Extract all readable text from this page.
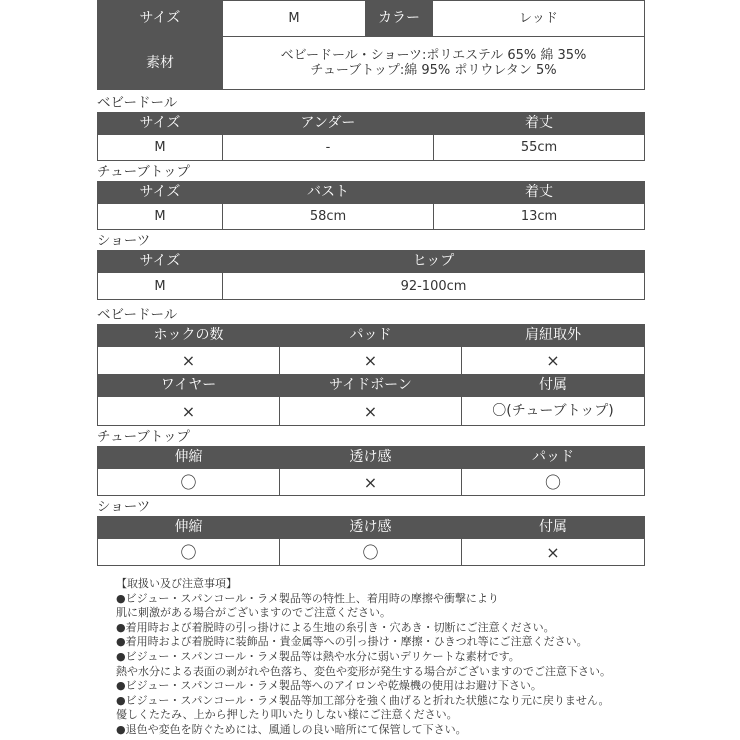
サイズ	M	カラー	レッド
素材	ベビードール・ショーツ:ポリエステル 65% 綿 35%
チューブトップ:綿 95% ポリウレタン 5%		
ベビードール
サイズ	アンダー	着丈
M	-	55cm
チューブトップ
サイズ	バスト	着丈
M	58cm	13cm
ショーツ
サイズ	ヒップ
M	92-100cm
ベビードール
ホックの数	パッド	肩紐取外
×	×	×
ワイヤー	サイドボーン	付属
×	×	〇(チューブトップ)
チューブトップ
伸縮	透け感	パッド
〇	×	〇
ショーツ
伸縮	透け感	付属
〇	〇	×
【取扱い及び注意事項】
●ビジュー・スパンコール・ラメ製品等の特性上、着用時の摩擦や衝撃により
肌に刺激がある場合がございますのでご注意ください。
●着用時および着脱時の引っ掛けによる生地の糸引き・穴あき・切断にご注意ください。
●着用時および着脱時に装飾品・貴金属等への引っ掛け・摩擦・ひきつれ等にご注意ください。
●ビジュー・スパンコール・ラメ製品等は熱や水分に弱いデリケートな素材です。
熱や水分による表面の剥がれや色落ち、変色や変形が発生する場合がございますのでご注意下さい。
●ビジュー・スパンコール・ラメ製品等へのアイロンや乾燥機の使用はお避け下さい。
●ビジュー・スパンコール・ラメ製品等加工部分を強く曲げると折れた状態になり元に戻りません。
優しくたたみ、上から押したり叩いたりしない様にご注意ください。
●退色や変色を防ぐためには、風通しの良い暗所にて保管して下さい。
